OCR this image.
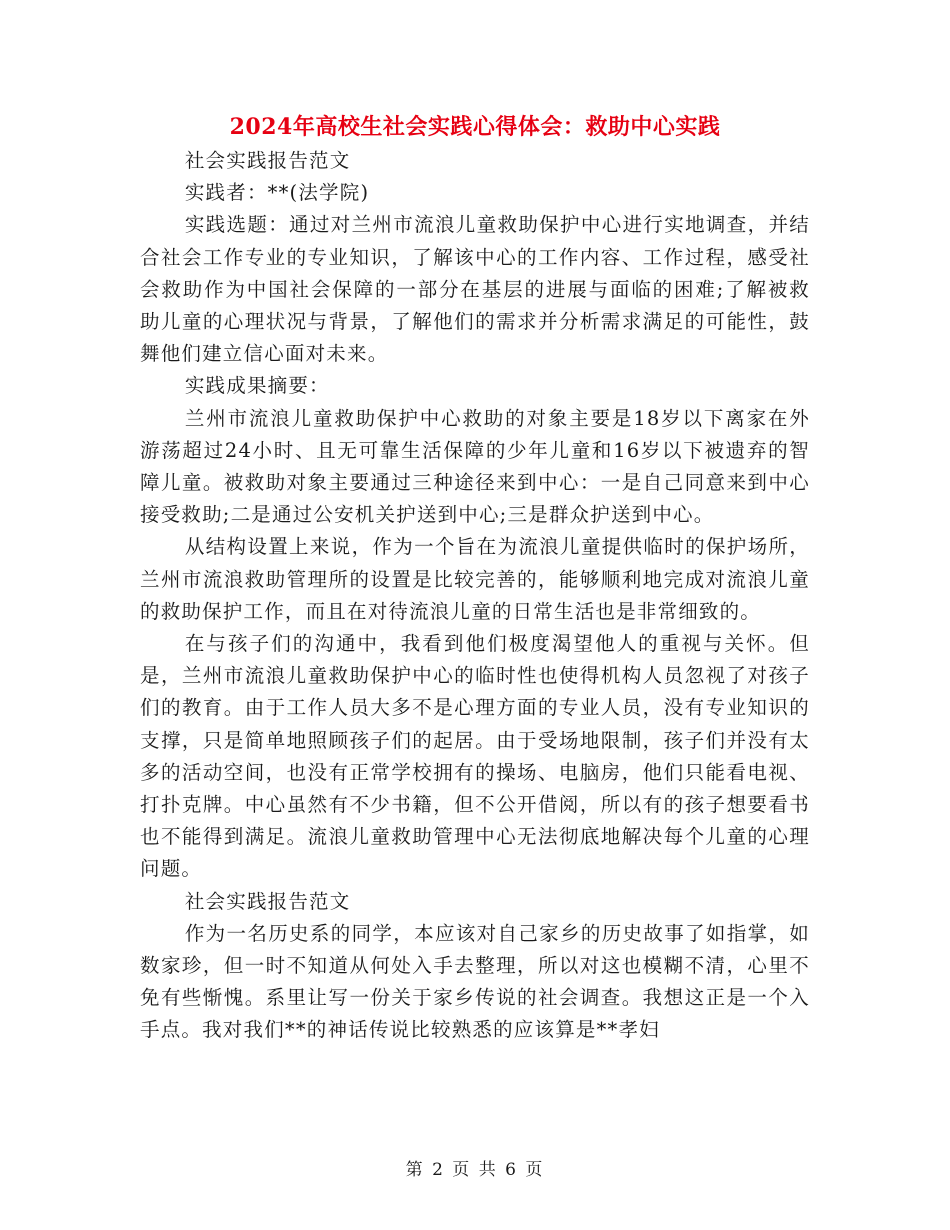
2024年高校生社会实践心得体会：救助中心实践

社会实践报告范文

实践者：**(法学院)

实践选题：通过对兰州市流浪儿童救助保护中心进行实地调查，并结合社会工作专业的专业知识，了解该中心的工作内容、工作过程，感受社会救助作为中国社会保障的一部分在基层的进展与面临的困难;了解被救助儿童的心理状况与背景，了解他们的需求并分析需求满足的可能性，鼓舞他们建立信心面对未来。

实践成果摘要：

兰州市流浪儿童救助保护中心救助的对象主要是18岁以下离家在外游荡超过24小时、且无可靠生活保障的少年儿童和16岁以下被遗弃的智障儿童。被救助对象主要通过三种途径来到中心：一是自己同意来到中心接受救助;二是通过公安机关护送到中心;三是群众护送到中心。

从结构设置上来说，作为一个旨在为流浪儿童提供临时的保护场所，兰州市流浪救助管理所的设置是比较完善的，能够顺利地完成对流浪儿童的救助保护工作，而且在对待流浪儿童的日常生活也是非常细致的。

在与孩子们的沟通中，我看到他们极度渴望他人的重视与关怀。但是，兰州市流浪儿童救助保护中心的临时性也使得机构人员忽视了对孩子们的教育。由于工作人员大多不是心理方面的专业人员，没有专业知识的支撑，只是简单地照顾孩子们的起居。由于受场地限制，孩子们并没有太多的活动空间，也没有正常学校拥有的操场、电脑房，他们只能看电视、打扑克牌。中心虽然有不少书籍，但不公开借阅，所以有的孩子想要看书也不能得到满足。流浪儿童救助管理中心无法彻底地解决每个儿童的心理问题。

社会实践报告范文

作为一名历史系的同学，本应该对自己家乡的历史故事了如指掌，如数家珍，但一时不知道从何处入手去整理，所以对这也模糊不清，心里不免有些惭愧。系里让写一份关于家乡传说的社会调查。我想这正是一个入手点。我对我们**的神话传说比较熟悉的应该算是**孝妇

第 2 页 共 6 页
